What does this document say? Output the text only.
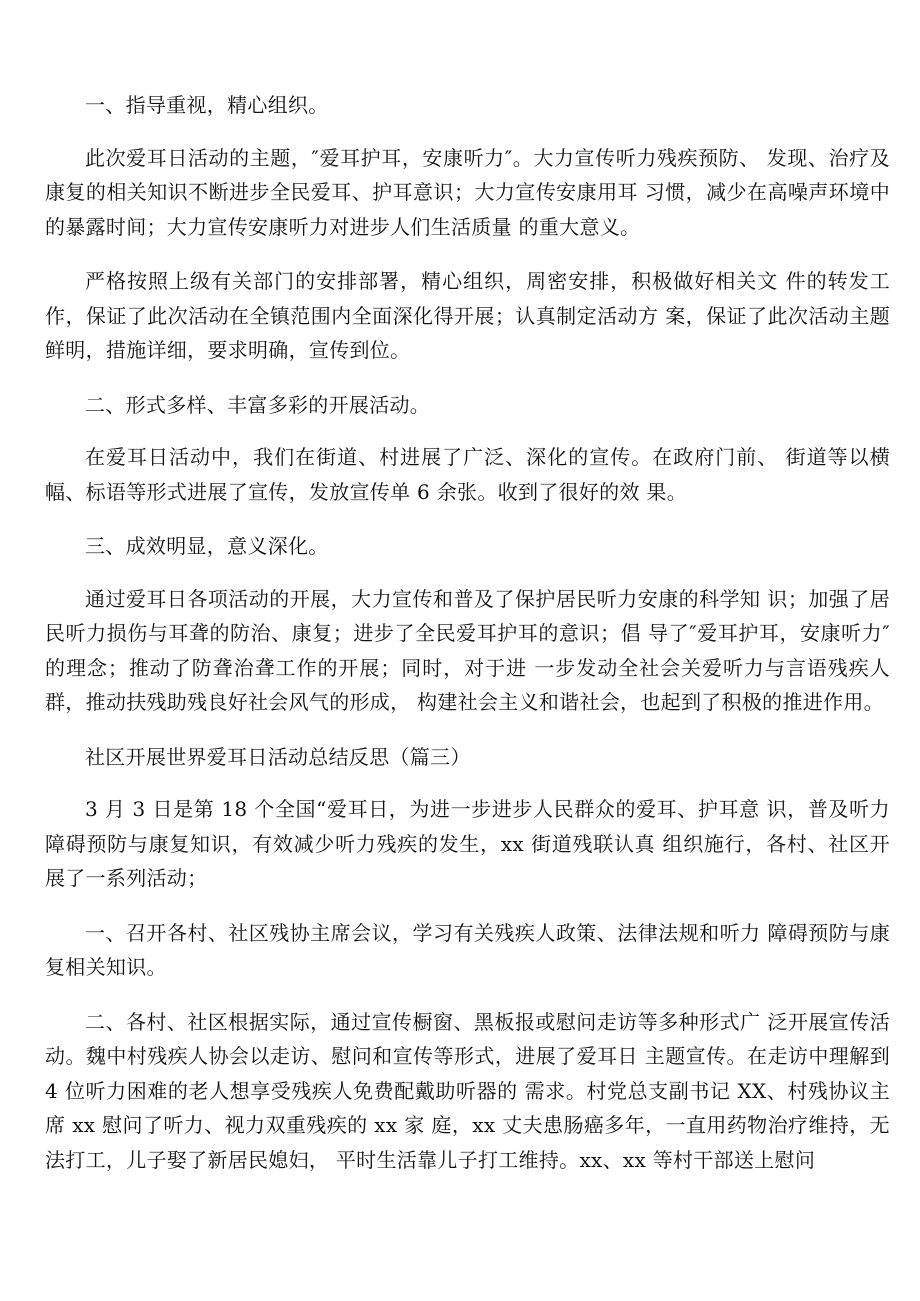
一、指导重视，精心组织。

此次爱耳日活动的主题，″爱耳护耳，安康听力″。大力宣传听力残疾预防、 发现、治疗及康复的相关知识不断进步全民爱耳、护耳意识；大力宣传安康用耳 习惯，减少在高噪声环境中的暴露时间；大力宣传安康听力对进步人们生活质量 的重大意义。

严格按照上级有关部门的安排部署，精心组织，周密安排，积极做好相关文 件的转发工作，保证了此次活动在全镇范围内全面深化得开展；认真制定活动方 案，保证了此次活动主题鲜明，措施详细，要求明确，宣传到位。

二、形式多样、丰富多彩的开展活动。

在爱耳日活动中，我们在街道、村进展了广泛、深化的宣传。在政府门前、 街道等以横幅、标语等形式进展了宣传，发放宣传单 6 余张。收到了很好的效 果。

三、成效明显，意义深化。

通过爱耳日各项活动的开展，大力宣传和普及了保护居民听力安康的科学知 识；加强了居民听力损伤与耳聋的防治、康复；进步了全民爱耳护耳的意识；倡 导了″爱耳护耳，安康听力″的理念；推动了防聋治聋工作的开展；同时，对于进 一步发动全社会关爱听力与言语残疾人群，推动扶残助残良好社会风气的形成， 构建社会主义和谐社会，也起到了积极的推进作用。

社区开展世界爱耳日活动总结反思（篇三）

3 月 3 日是第 18 个全国“爱耳日，为进一步进步人民群众的爱耳、护耳意 识，普及听力障碍预防与康复知识，有效减少听力残疾的发生，xx 街道残联认真 组织施行，各村、社区开展了一系列活动；

一、召开各村、社区残协主席会议，学习有关残疾人政策、法律法规和听力 障碍预防与康复相关知识。

二、各村、社区根据实际，通过宣传橱窗、黑板报或慰问走访等多种形式广 泛开展宣传活动。魏中村残疾人协会以走访、慰问和宣传等形式，进展了爱耳日 主题宣传。在走访中理解到 4 位听力困难的老人想享受残疾人免费配戴助听器的 需求。村党总支副书记 XX、村残协议主席 xx 慰问了听力、视力双重残疾的 xx 家 庭，xx 丈夫患肠癌多年，一直用药物治疗维持，无法打工，儿子娶了新居民媳妇， 平时生活靠儿子打工维持。xx、xx 等村干部送上慰问
